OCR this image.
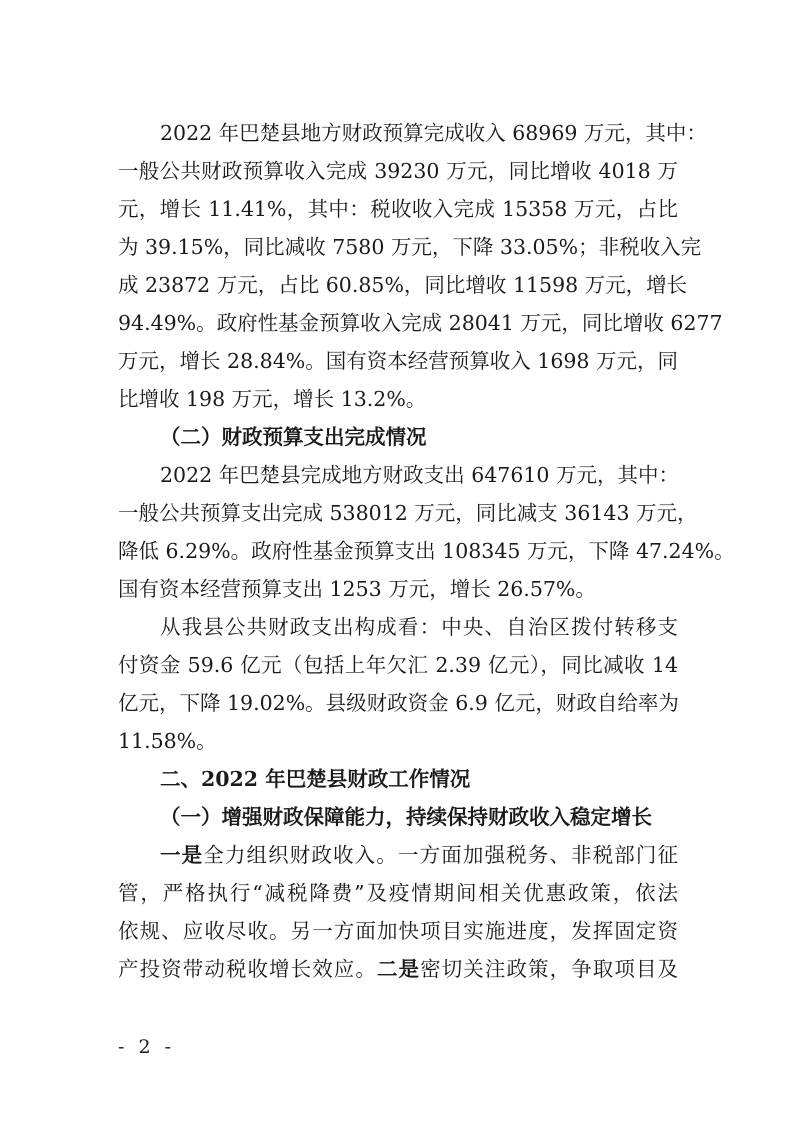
2022 年巴楚县地方财政预算完成收入 68969 万元，其中：
一般公共财政预算收入完成 39230 万元，同比增收 4018 万
元，增长 11.41%，其中：税收收入完成 15358 万元，占比
为 39.15%，同比减收 7580 万元，下降 33.05%；非税收入完
成 23872 万元，占比 60.85%，同比增收 11598 万元，增长
94.49%。政府性基金预算收入完成 28041 万元，同比增收 6277
万元，增长 28.84%。国有资本经营预算收入 1698 万元，同
比增收 198 万元，增长 13.2%。
（二）财政预算支出完成情况
2022 年巴楚县完成地方财政支出 647610 万元，其中：
一般公共预算支出完成 538012 万元，同比减支 36143 万元，
降低 6.29%。政府性基金预算支出 108345 万元，下降 47.24%。
国有资本经营预算支出 1253 万元，增长 26.57%。
从我县公共财政支出构成看：中央、自治区拨付转移支
付资金 59.6 亿元（包括上年欠汇 2.39 亿元），同比减收 14
亿元，下降 19.02%。县级财政资金 6.9 亿元，财政自给率为
11.58%。
二、2022 年巴楚县财政工作情况
（一）增强财政保障能力，持续保持财政收入稳定增长
一是全力组织财政收入。一方面加强税务、非税部门征
管，严格执行“减税降费”及疫情期间相关优惠政策，依法
依规、应收尽收。另一方面加快项目实施进度，发挥固定资
产投资带动税收增长效应。二是密切关注政策，争取项目及
- 2 -
